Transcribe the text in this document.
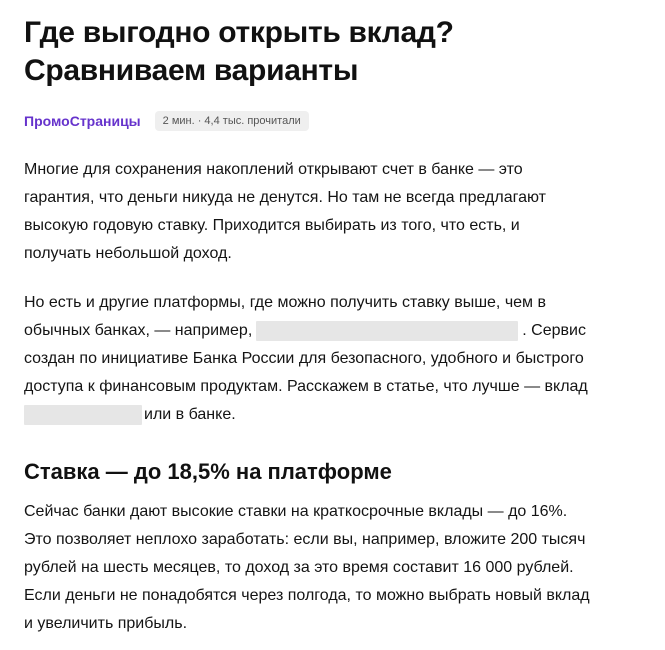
Где выгодно открыть вклад?
Сравниваем варианты
ПромоСтраницы	2 мин. · 4,4 тыс. прочитали

Многие для сохранения накоплений открывают счет в банке — это
гарантия, что деньги никуда не денутся. Но там не всегда предлагают
высокую годовую ставку. Приходится выбирать из того, что есть, и
получать небольшой доход.

Но есть и другие платформы, где можно получить ставку выше, чем в
обычных банках, — например,	. Сервис
создан по инициативе Банка России для безопасного, удобного и быстрого
доступа к финансовым продуктам. Расскажем в статье, что лучше — вклад
или в банке.

Ставка — до 18,5% на платформе

Сейчас банки дают высокие ставки на краткосрочные вклады — до 16%.
Это позволяет неплохо заработать: если вы, например, вложите 200 тысяч
рублей на шесть месяцев, то доход за это время составит 16 000 рублей.
Если деньги не понадобятся через полгода, то можно выбрать новый вклад
и увеличить прибыль.
